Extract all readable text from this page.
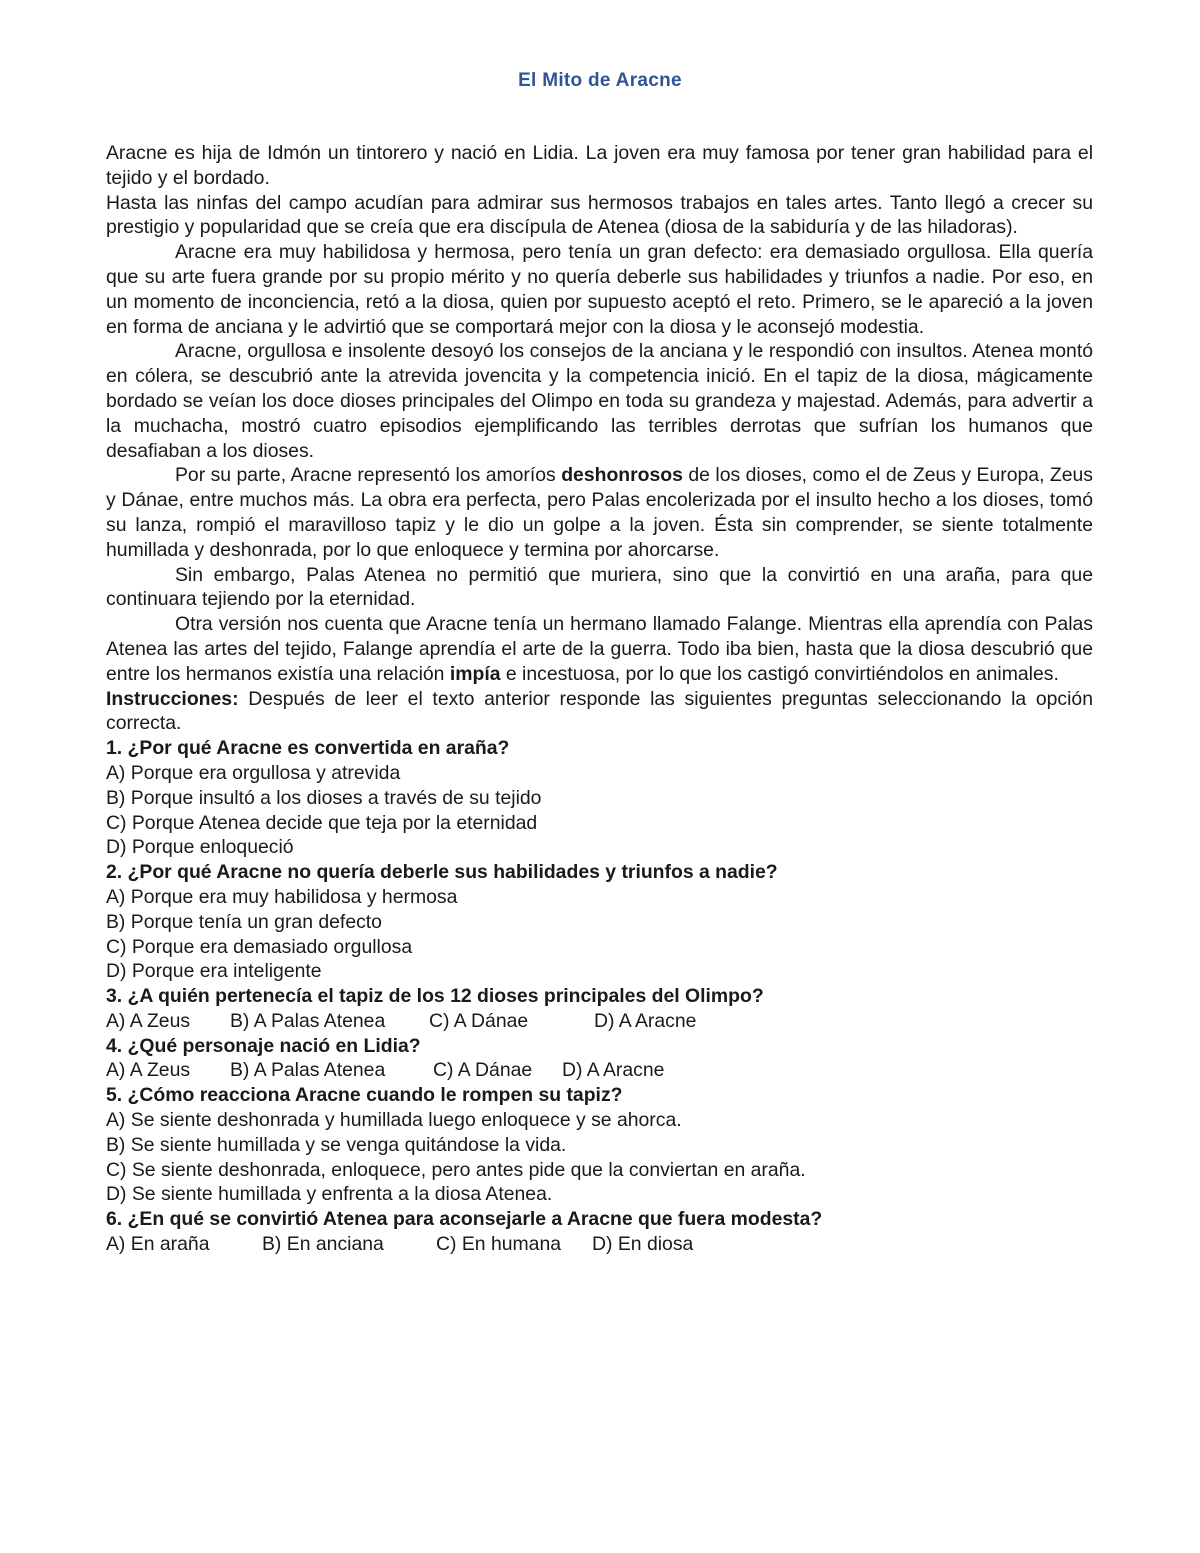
El Mito de Aracne

Aracne es hija de Idmón un tintorero y nació en Lidia. La joven era muy famosa por tener gran habilidad para el tejido y el bordado.

Hasta las ninfas del campo acudían para admirar sus hermosos trabajos en tales artes. Tanto llegó a crecer su prestigio y popularidad que se creía que era discípula de Atenea (diosa de la sabiduría y de las hiladoras).

Aracne era muy habilidosa y hermosa, pero tenía un gran defecto: era demasiado orgullosa. Ella quería que su arte fuera grande por su propio mérito y no quería deberle sus habilidades y triunfos a nadie. Por eso, en un momento de inconciencia, retó a la diosa, quien por supuesto aceptó el reto. Primero, se le apareció a la joven en forma de anciana y le advirtió que se comportará mejor con la diosa y le aconsejó modestia.

Aracne, orgullosa e insolente desoyó los consejos de la anciana y le respondió con insultos. Atenea montó en cólera, se descubrió ante la atrevida jovencita y la competencia inició. En el tapiz de la diosa, mágicamente bordado se veían los doce dioses principales del Olimpo en toda su grandeza y majestad. Además, para advertir a la muchacha, mostró cuatro episodios ejemplificando las terribles derrotas que sufrían los humanos que desafiaban a los dioses.

Por su parte, Aracne representó los amoríos deshonrosos de los dioses, como el de Zeus y Europa, Zeus y Dánae, entre muchos más. La obra era perfecta, pero Palas encolerizada por el insulto hecho a los dioses, tomó su lanza, rompió el maravilloso tapiz y le dio un golpe a la joven. Ésta sin comprender, se siente totalmente humillada y deshonrada, por lo que enloquece y termina por ahorcarse.

Sin embargo, Palas Atenea no permitió que muriera, sino que la convirtió en una araña, para que continuara tejiendo por la eternidad.

Otra versión nos cuenta que Aracne tenía un hermano llamado Falange. Mientras ella aprendía con Palas Atenea las artes del tejido, Falange aprendía el arte de la guerra. Todo iba bien, hasta que la diosa descubrió que entre los hermanos existía una relación impía e incestuosa, por lo que los castigó convirtiéndolos en animales.

Instrucciones: Después de leer el texto anterior responde las siguientes preguntas seleccionando la opción correcta.

1. ¿Por qué Aracne es convertida en araña?

A) Porque era orgullosa y atrevida

B) Porque insultó a los dioses a través de su tejido

C) Porque Atenea decide que teja por la eternidad

D) Porque enloqueció

2. ¿Por qué Aracne no quería deberle sus habilidades y triunfos a nadie?

A) Porque era muy habilidosa y hermosa

B) Porque tenía un gran defecto

C) Porque era demasiado orgullosa

D) Porque era inteligente

3. ¿A quién pertenecía el tapiz de los 12 dioses principales del Olimpo?

A) A Zeus B) A Palas Atenea C) A Dánae	D) A Aracne

4. ¿Qué personaje nació en Lidia?

A) A Zeus B) A Palas Atenea C) A Dánae D) A Aracne

5. ¿Cómo reacciona Aracne cuando le rompen su tapiz?

A) Se siente deshonrada y humillada luego enloquece y se ahorca.

B) Se siente humillada y se venga quitándose la vida.

C) Se siente deshonrada, enloquece, pero antes pide que la conviertan en araña.

D) Se siente humillada y enfrenta a la diosa Atenea.

6. ¿En qué se convirtió Atenea para aconsejarle a Aracne que fuera modesta?

A) En araña	B) En anciana	C) En humana D) En diosa
